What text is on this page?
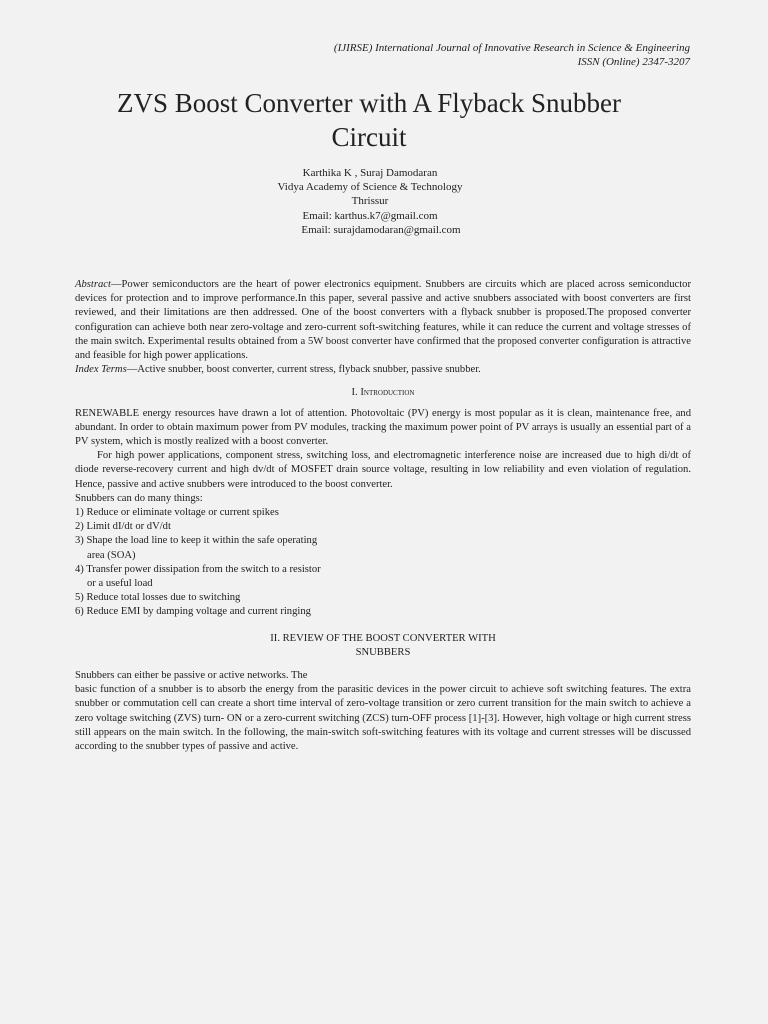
(IJIRSE) International Journal of Innovative Research in Science & Engineering
ISSN (Online) 2347-3207
ZVS Boost Converter with A Flyback Snubber Circuit
Karthika K , Suraj Damodaran
Vidya Academy of Science & Technology
Thrissur
Email: karthus.k7@gmail.com
Email: surajdamodaran@gmail.com

Abstract—Power semiconductors are the heart of power electronics equipment. Snubbers are circuits which are placed across semiconductor devices for protection and to improve performance.In this paper, several passive and active snubbers associated with boost converters are first reviewed, and their limitations are then addressed. One of the boost converters with a flyback snubber is proposed.The proposed converter configuration can achieve both near zero-voltage and zero-current soft-switching features, while it can reduce the current and voltage stresses of the main switch. Experimental results obtained from a 5W boost converter have confirmed that the proposed converter configuration is attractive and feasible for high power applications.

Index Terms—Active snubber, boost converter, current stress, flyback snubber, passive snubber.

I. Introduction

RENEWABLE energy resources have drawn a lot of attention. Photovoltaic (PV) energy is most popular as it is clean, maintenance free, and abundant. In order to obtain maximum power from PV modules, tracking the maximum power point of PV arrays is usually an essential part of a PV system, which is mostly realized with a boost converter.

For high power applications, component stress, switching loss, and electromagnetic interference noise are increased due to high di/dt of diode reverse-recovery current and high dv/dt of MOSFET drain source voltage, resulting in low reliability and even violation of regulation. Hence, passive and active snubbers were introduced to the boost converter.

Snubbers can do many things:

1) Reduce or eliminate voltage or current spikes
2) Limit dI/dt or dV/dt
3) Shape the load line to keep it within the safe operating
area (SOA)
4) Transfer power dissipation from the switch to a resistor
or a useful load
5) Reduce total losses due to switching
6) Reduce EMI by damping voltage and current ringing
II. REVIEW OF THE BOOST CONVERTER WITH
SNUBBERS

Snubbers can either be passive or active networks. The

basic function of a snubber is to absorb the energy from the parasitic devices in the power circuit to achieve soft switching features. The extra snubber or commutation cell can create a short time interval of zero-voltage transition or zero current transition for the main switch to achieve a zero voltage switching (ZVS) turn- ON or a zero-current switching (ZCS) turn-OFF process [1]-[3]. However, high voltage or high current stress still appears on the main switch. In the following, the main-switch soft-switching features with its voltage and current stresses will be discussed according to the snubber types of passive and active.
